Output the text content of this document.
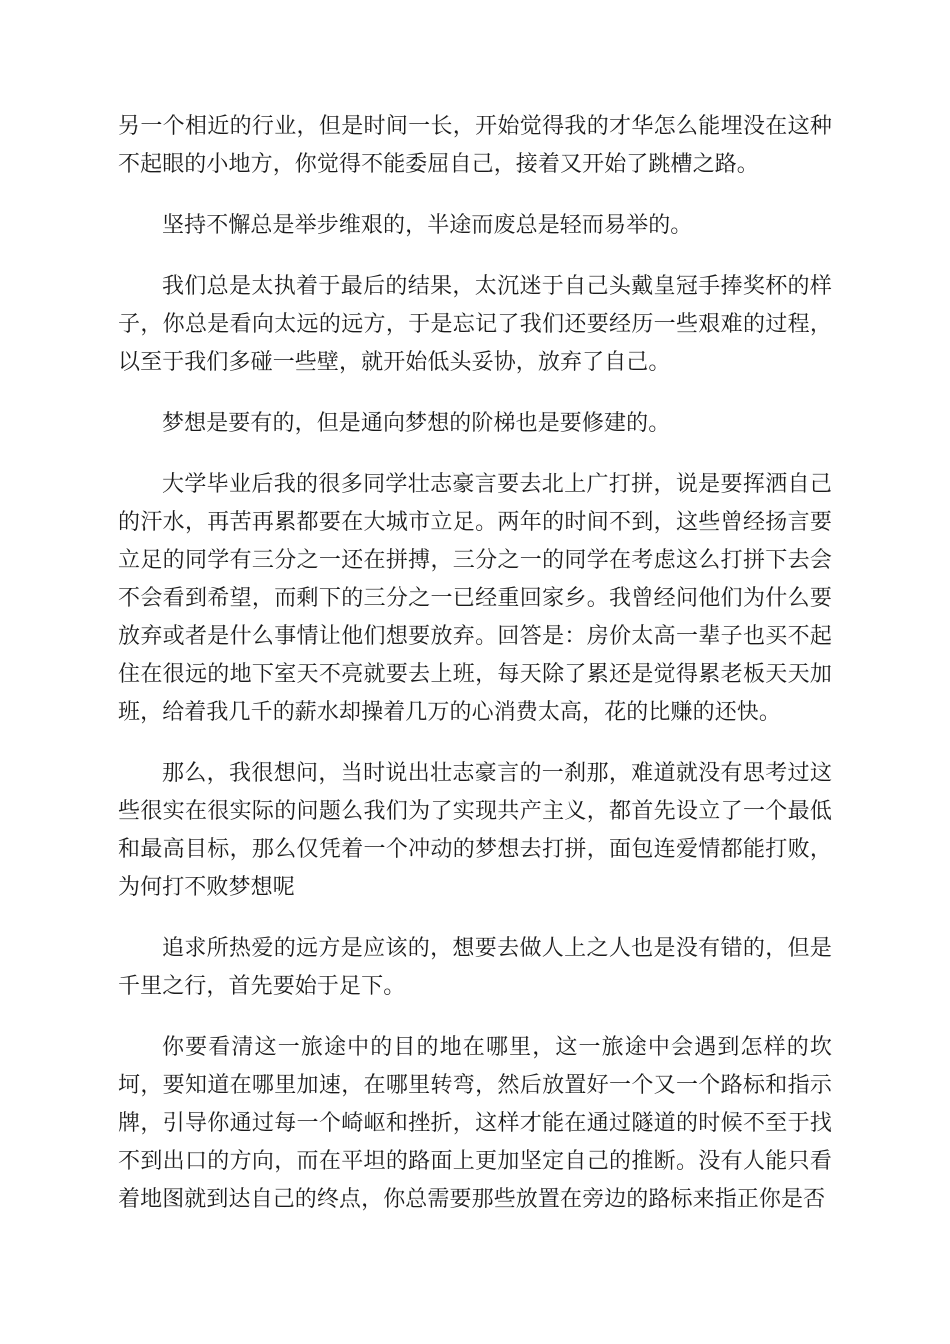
另一个相近的行业，但是时间一长，开始觉得我的才华怎么能埋没在这种不起眼的小地方，你觉得不能委屈自己，接着又开始了跳槽之路。

坚持不懈总是举步维艰的，半途而废总是轻而易举的。

我们总是太执着于最后的结果，太沉迷于自己头戴皇冠手捧奖杯的样子，你总是看向太远的远方，于是忘记了我们还要经历一些艰难的过程，以至于我们多碰一些壁，就开始低头妥协，放弃了自己。

梦想是要有的，但是通向梦想的阶梯也是要修建的。

大学毕业后我的很多同学壮志豪言要去北上广打拼，说是要挥洒自己的汗水，再苦再累都要在大城市立足。两年的时间不到，这些曾经扬言要立足的同学有三分之一还在拼搏，三分之一的同学在考虑这么打拼下去会不会看到希望，而剩下的三分之一已经重回家乡。我曾经问他们为什么要放弃或者是什么事情让他们想要放弃。回答是：房价太高一辈子也买不起住在很远的地下室天不亮就要去上班，每天除了累还是觉得累老板天天加班，给着我几千的薪水却操着几万的心消费太高，花的比赚的还快。

那么，我很想问，当时说出壮志豪言的一刹那，难道就没有思考过这些很实在很实际的问题么我们为了实现共产主义，都首先设立了一个最低和最高目标，那么仅凭着一个冲动的梦想去打拼，面包连爱情都能打败，为何打不败梦想呢

追求所热爱的远方是应该的，想要去做人上之人也是没有错的，但是千里之行，首先要始于足下。

你要看清这一旅途中的目的地在哪里，这一旅途中会遇到怎样的坎坷，要知道在哪里加速，在哪里转弯，然后放置好一个又一个路标和指示牌，引导你通过每一个崎岖和挫折，这样才能在通过隧道的时候不至于找不到出口的方向，而在平坦的路面上更加坚定自己的推断。没有人能只看着地图就到达自己的终点，你总需要那些放置在旁边的路标来指正你是否
